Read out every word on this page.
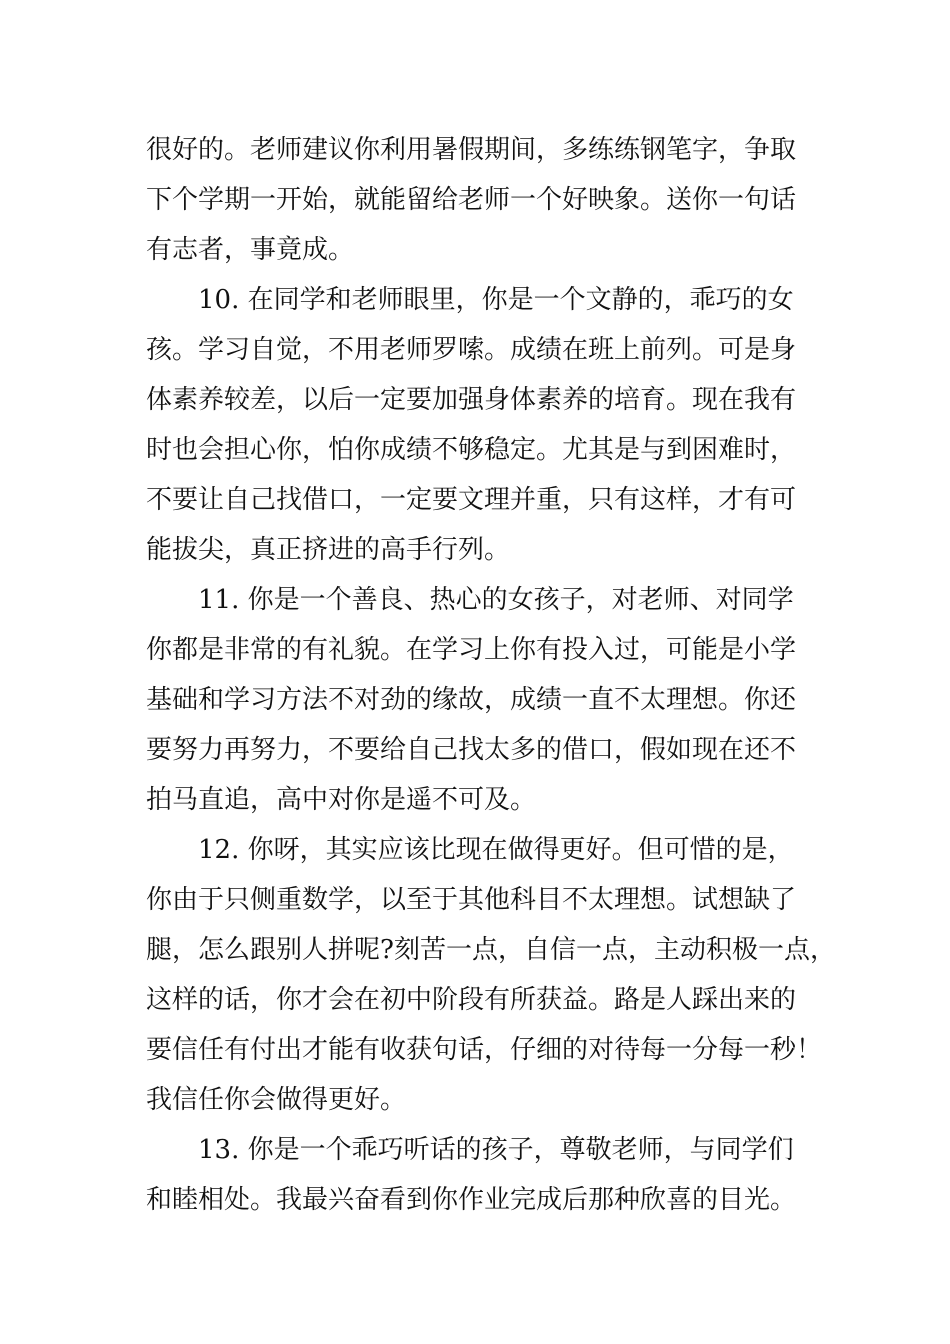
很好的。老师建议你利用暑假期间，多练练钢笔字，争取
下个学期一开始，就能留给老师一个好映象。送你一句话
有志者，事竟成。
10. 在同学和老师眼里，你是一个文静的，乖巧的女
孩。学习自觉，不用老师罗嗦。成绩在班上前列。可是身
体素养较差，以后一定要加强身体素养的培育。现在我有
时也会担心你，怕你成绩不够稳定。尤其是与到困难时，
不要让自己找借口，一定要文理并重，只有这样，才有可
能拔尖，真正挤进的高手行列。
11. 你是一个善良、热心的女孩子，对老师、对同学
你都是非常的有礼貌。在学习上你有投入过，可能是小学
基础和学习方法不对劲的缘故，成绩一直不太理想。你还
要努力再努力，不要给自己找太多的借口，假如现在还不
拍马直追，高中对你是遥不可及。
12. 你呀，其实应该比现在做得更好。但可惜的是，
你由于只侧重数学，以至于其他科目不太理想。试想缺了
腿，怎么跟别人拼呢?刻苦一点，自信一点，主动积极一点，
这样的话，你才会在初中阶段有所获益。路是人踩出来的
要信任有付出才能有收获句话，仔细的对待每一分每一秒！
我信任你会做得更好。
13. 你是一个乖巧听话的孩子，尊敬老师，与同学们
和睦相处。我最兴奋看到你作业完成后那种欣喜的目光。
